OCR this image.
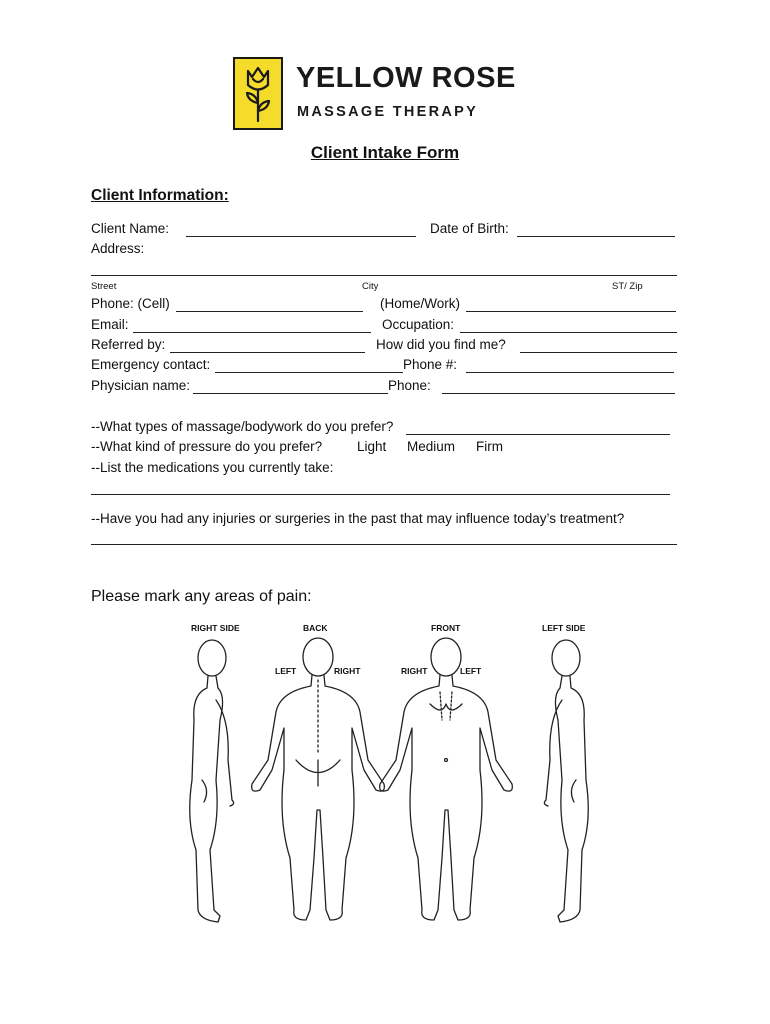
YELLOW ROSE
MASSAGE THERAPY
Client Intake Form
Client Information:
Client Name:	Date of Birth:
Address:
Street	City	ST/ Zip
Phone: (Cell)	(Home/Work)
Email:	Occupation:
Referred by:	How did you find me?
Emergency contact:	Phone #:
Physician name:	Phone:
--What types of massage/bodywork do you prefer?
--What kind of pressure do you prefer?	Light Medium Firm
--List the medications you currently take:
--Have you had any injuries or surgeries in the past that may influence today’s treatment?
Please mark any areas of pain:
RIGHT SIDE	BACK	FRONT	LEFT SIDE
LEFT	RIGHT	RIGHT	LEFT
